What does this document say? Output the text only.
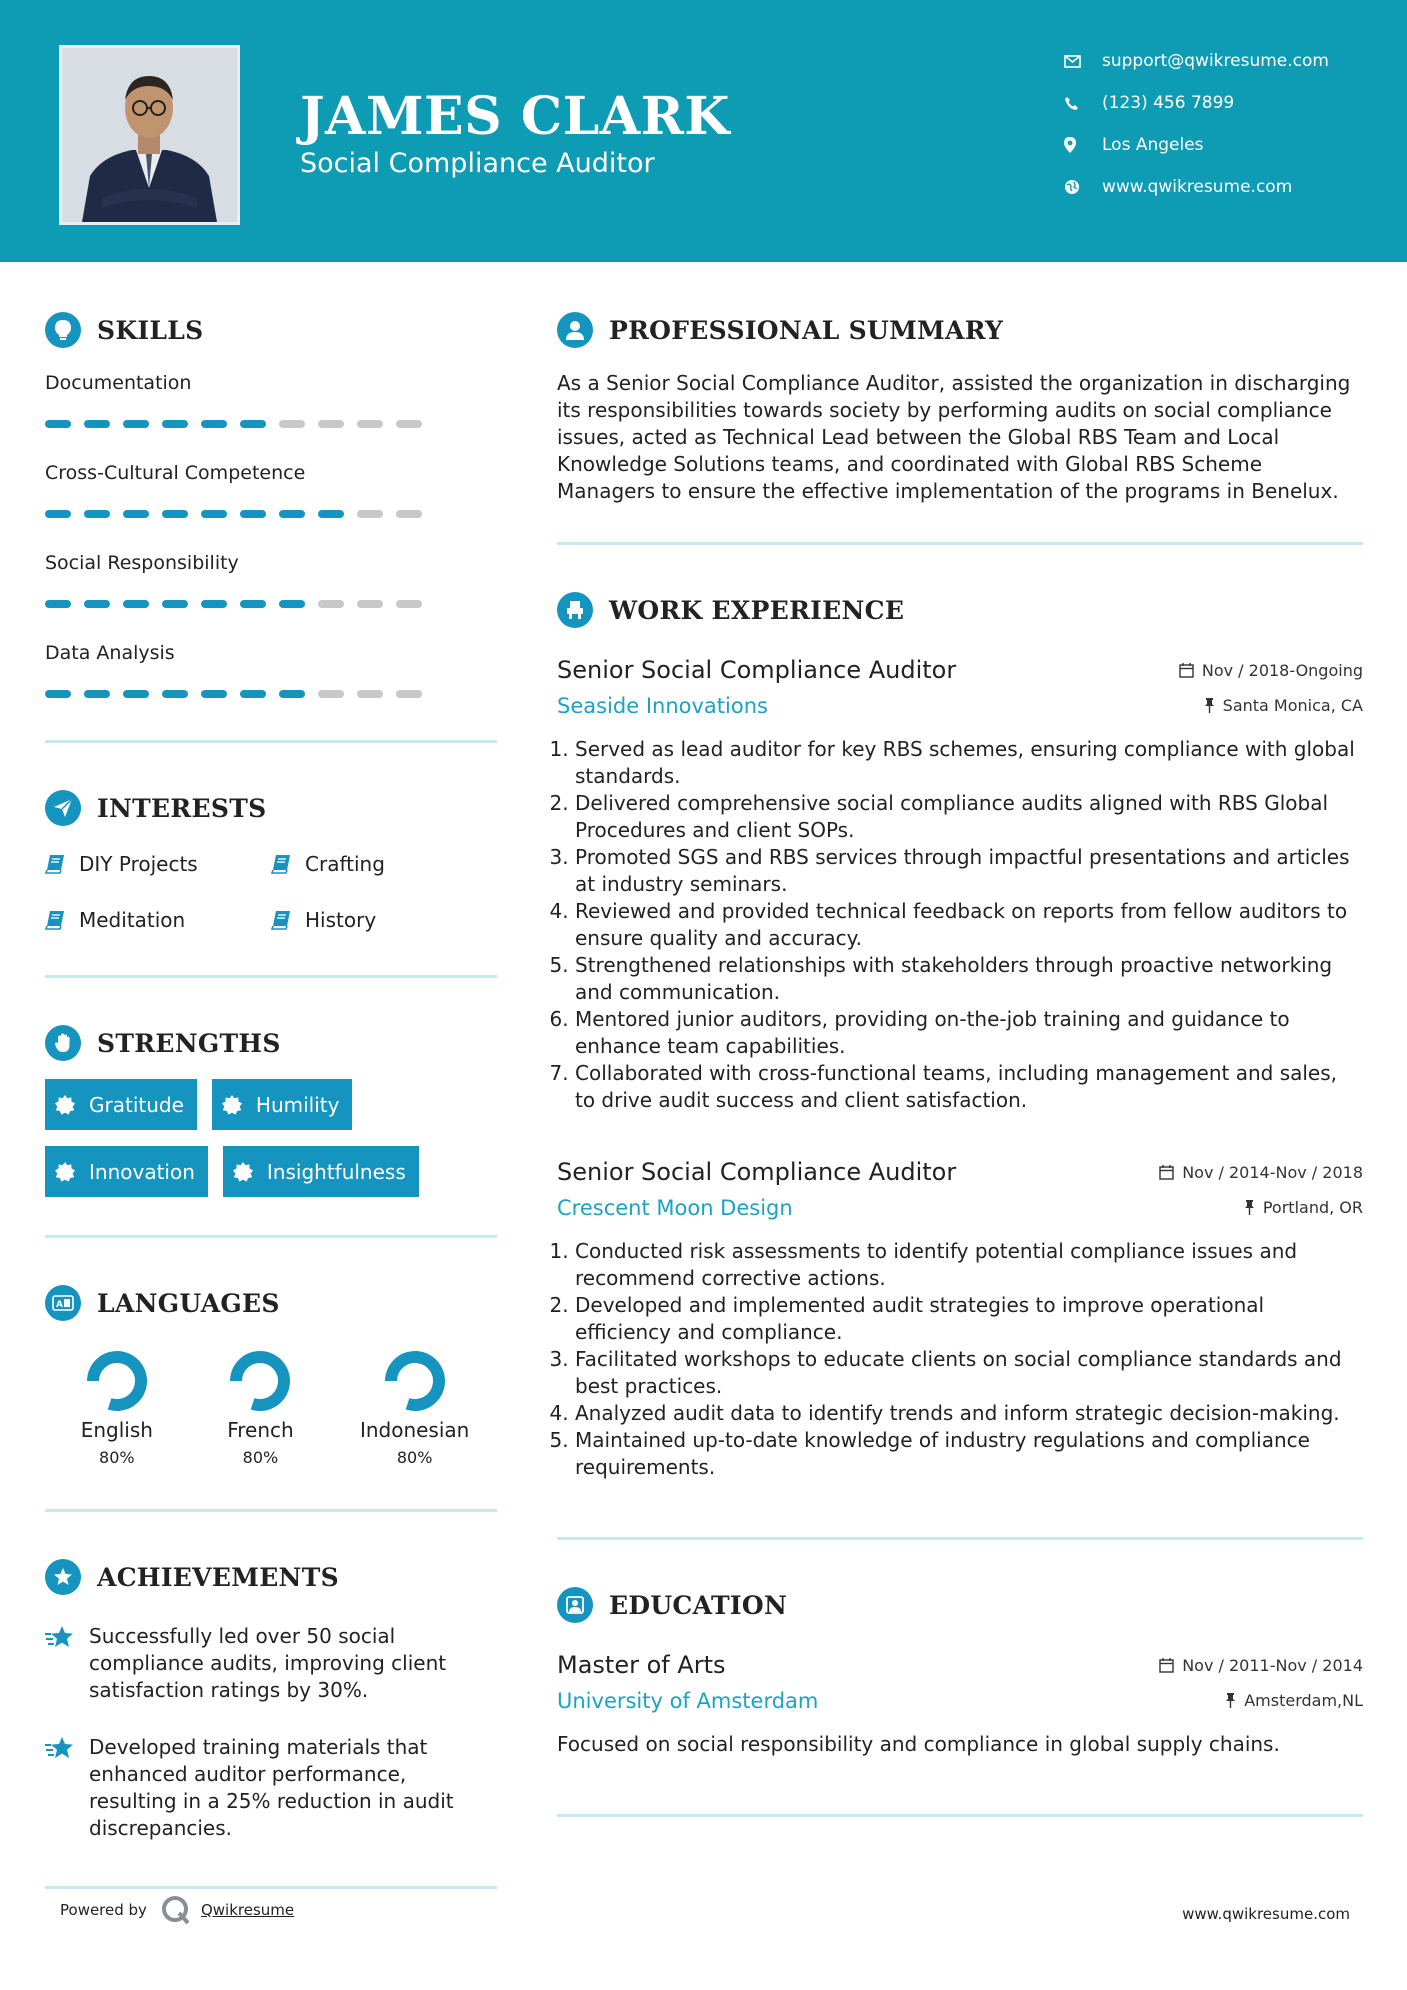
JAMES CLARK
Social Compliance Auditor
support@qwikresume.com
(123) 456 7899
Los Angeles
www.qwikresume.com
SKILLS
Documentation
Cross-Cultural Competence
Social Responsibility
Data Analysis
INTERESTS
DIY Projects	Crafting
Meditation	History
STRENGTHS
Gratitude	Humility
Innovation	Insightfulness
A LANGUAGES
English
80%
French
80%
Indonesian
80%
ACHIEVEMENTS
Successfully led over 50 social compliance audits, improving client satisfaction ratings by 30%.
Developed training materials that enhanced auditor performance, resulting in a 25% reduction in audit discrepancies.
PROFESSIONAL SUMMARY

As a Senior Social Compliance Auditor, assisted the organization in discharging its responsibilities towards society by performing audits on social compliance issues, acted as Technical Lead between the Global RBS Team and Local Knowledge Solutions teams, and coordinated with Global RBS Scheme Managers to ensure the effective implementation of the programs in Benelux.

WORK EXPERIENCE
Senior Social Compliance Auditor	Nov / 2018-Ongoing
Seaside Innovations	Santa Monica, CA
1. Served as lead auditor for key RBS schemes, ensuring compliance with global standards.
2. Delivered comprehensive social compliance audits aligned with RBS Global Procedures and client SOPs.
3. Promoted SGS and RBS services through impactful presentations and articles at industry seminars.
4. Reviewed and provided technical feedback on reports from fellow auditors to ensure quality and accuracy.
5. Strengthened relationships with stakeholders through proactive networking and communication.
6. Mentored junior auditors, providing on-the-job training and guidance to enhance team capabilities.
7. Collaborated with cross-functional teams, including management and sales, to drive audit success and client satisfaction.
Senior Social Compliance Auditor	Nov / 2014-Nov / 2018
Crescent Moon Design	Portland, OR
1. Conducted risk assessments to identify potential compliance issues and recommend corrective actions.
2. Developed and implemented audit strategies to improve operational efficiency and compliance.
3. Facilitated workshops to educate clients on social compliance standards and best practices.
4. Analyzed audit data to identify trends and inform strategic decision-making.
5. Maintained up-to-date knowledge of industry regulations and compliance requirements.
EDUCATION
Master of Arts	Nov / 2011-Nov / 2014
University of Amsterdam	Amsterdam,NL

Focused on social responsibility and compliance in global supply chains.

Powered by	Qwikresume	www.qwikresume.com
